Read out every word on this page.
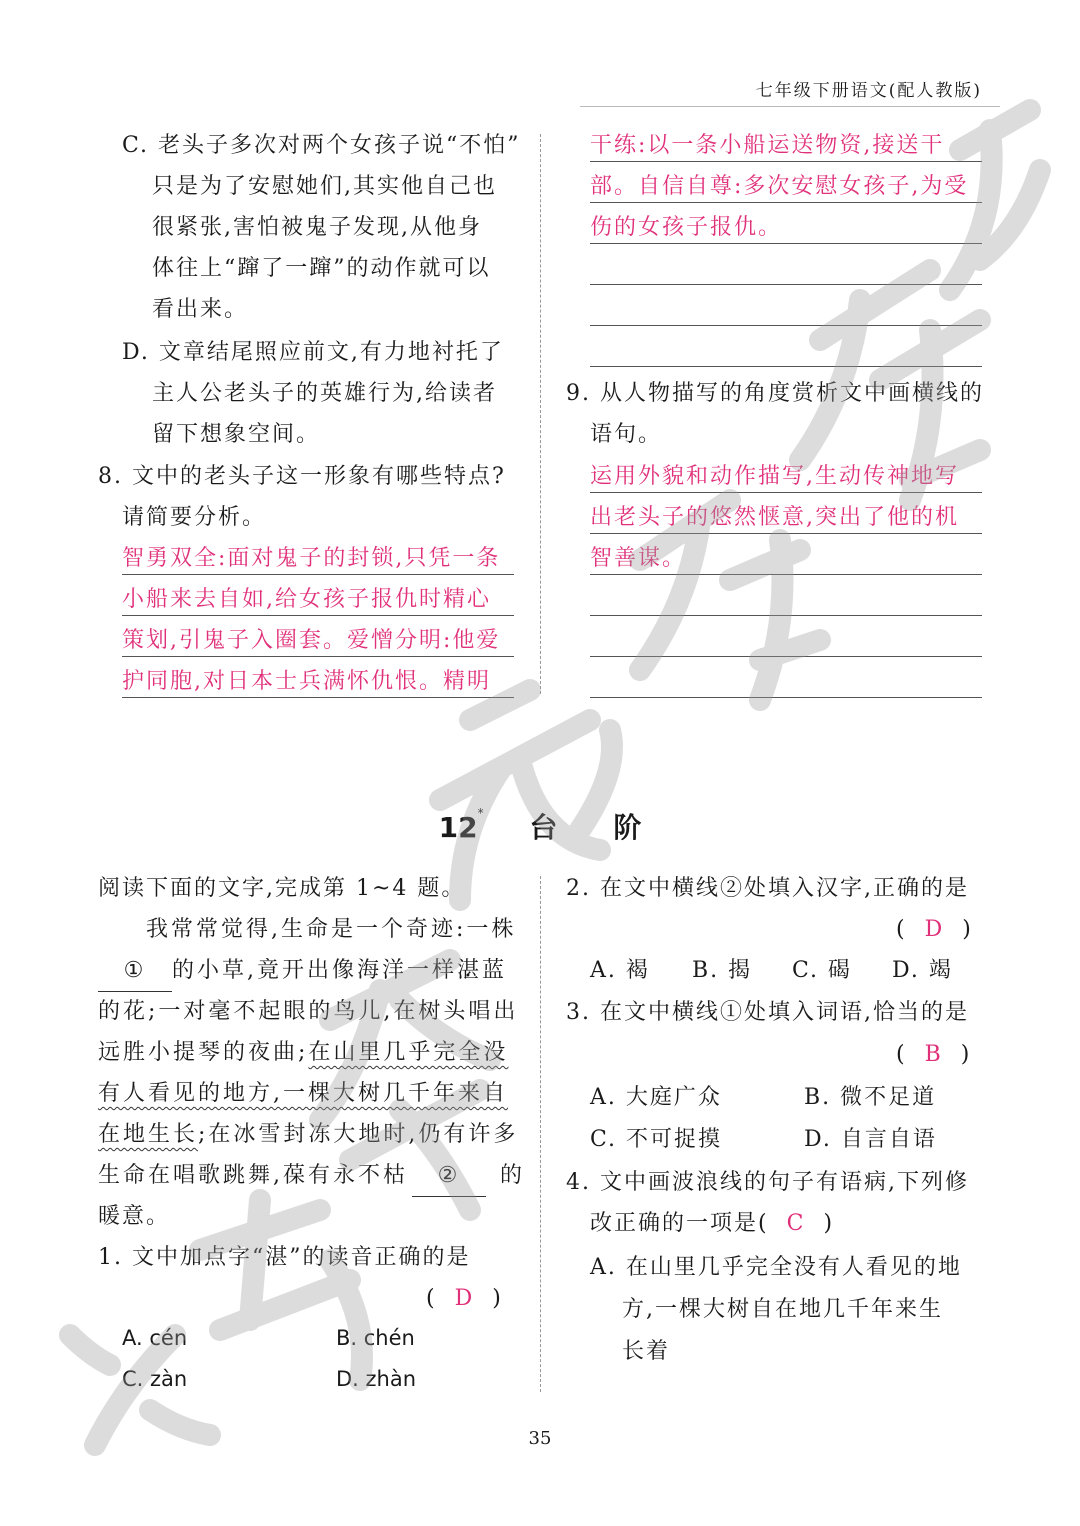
七年级下册语文(配人教版)
C. 老头子多次对两个女孩子说“不怕”
只是为了安慰她们,其实他自己也
很紧张,害怕被鬼子发现,从他身
体往上“蹿了一蹿”的动作就可以
看出来。
D. 文章结尾照应前文,有力地衬托了
主人公老头子的英雄行为,给读者
留下想象空间。
8. 文中的老头子这一形象有哪些特点?
请简要分析。
智勇双全:面对鬼子的封锁,只凭一条
小船来去自如,给女孩子报仇时精心
策划,引鬼子入圈套。爱憎分明:他爱
护同胞,对日本士兵满怀仇恨。精明
干练:以一条小船运送物资,接送干
部。自信自尊:多次安慰女孩子,为受
伤的女孩子报仇。
9. 从人物描写的角度赏析文中画横线的
语句。
运用外貌和动作描写,生动传神地写
出老头子的悠然惬意,突出了他的机
智善谋。
12* 台　　阶
阅读下面的文字,完成第 1~4 题。
我常常觉得,生命是一个奇迹:一株
① 的小草,竟开出像海洋一样湛 •蓝
的花;一对毫不起眼的鸟儿,在树头唱出
远胜小提琴的夜曲;在山里几乎完全没
有人看见的地方,一棵大树几千年来自
在地生长;在冰雪封冻大地时,仍有许多
生命在唱歌跳舞,葆有永不枯 ② 的
暖意。
1. 文中加点字“湛”的读音正确的是
(  D  )
A. cén	B. chén
C. zàn	D. zhàn
2. 在文中横线②处填入汉字,正确的是
(  D  )
A. 褐 B. 揭 C. 碣 D. 竭
3. 在文中横线①处填入词语,恰当的是
(  B  )
A. 大庭广众	B. 微不足道
C. 不可捉摸	D. 自言自语
4. 文中画波浪线的句子有语病,下列修
改正确的一项是( C )
A. 在山里几乎完全没有人看见的地
方,一棵大树自在地几千年来生
长着
35
